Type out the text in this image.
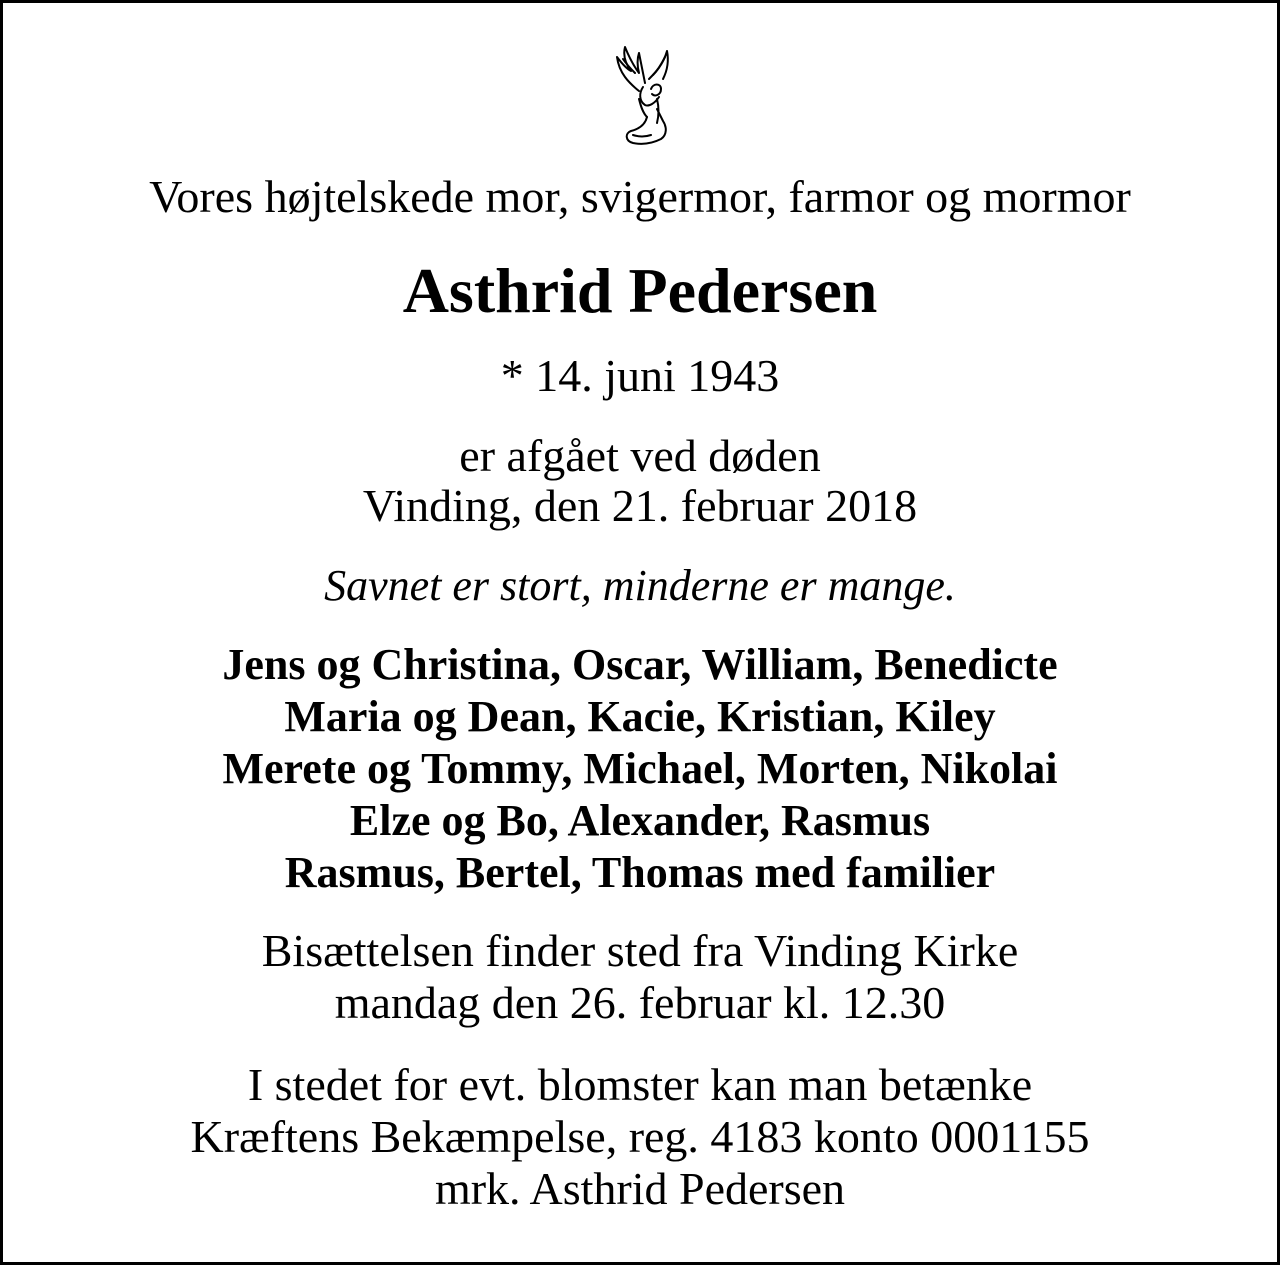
Vores højtelskede mor, svigermor, farmor og mormor

Asthrid Pedersen

* 14. juni 1943

er afgået ved døden
Vinding, den 21. februar 2018

Savnet er stort, minderne er mange.

Jens og Christina, Oscar, William, Benedicte
Maria og Dean, Kacie, Kristian, Kiley
Merete og Tommy, Michael, Morten, Nikolai
Elze og Bo, Alexander, Rasmus
Rasmus, Bertel, Thomas med familier

Bisættelsen finder sted fra Vinding Kirke
mandag den 26. februar kl. 12.30

I stedet for evt. blomster kan man betænke
Kræftens Bekæmpelse, reg. 4183 konto 0001155
mrk. Asthrid Pedersen
